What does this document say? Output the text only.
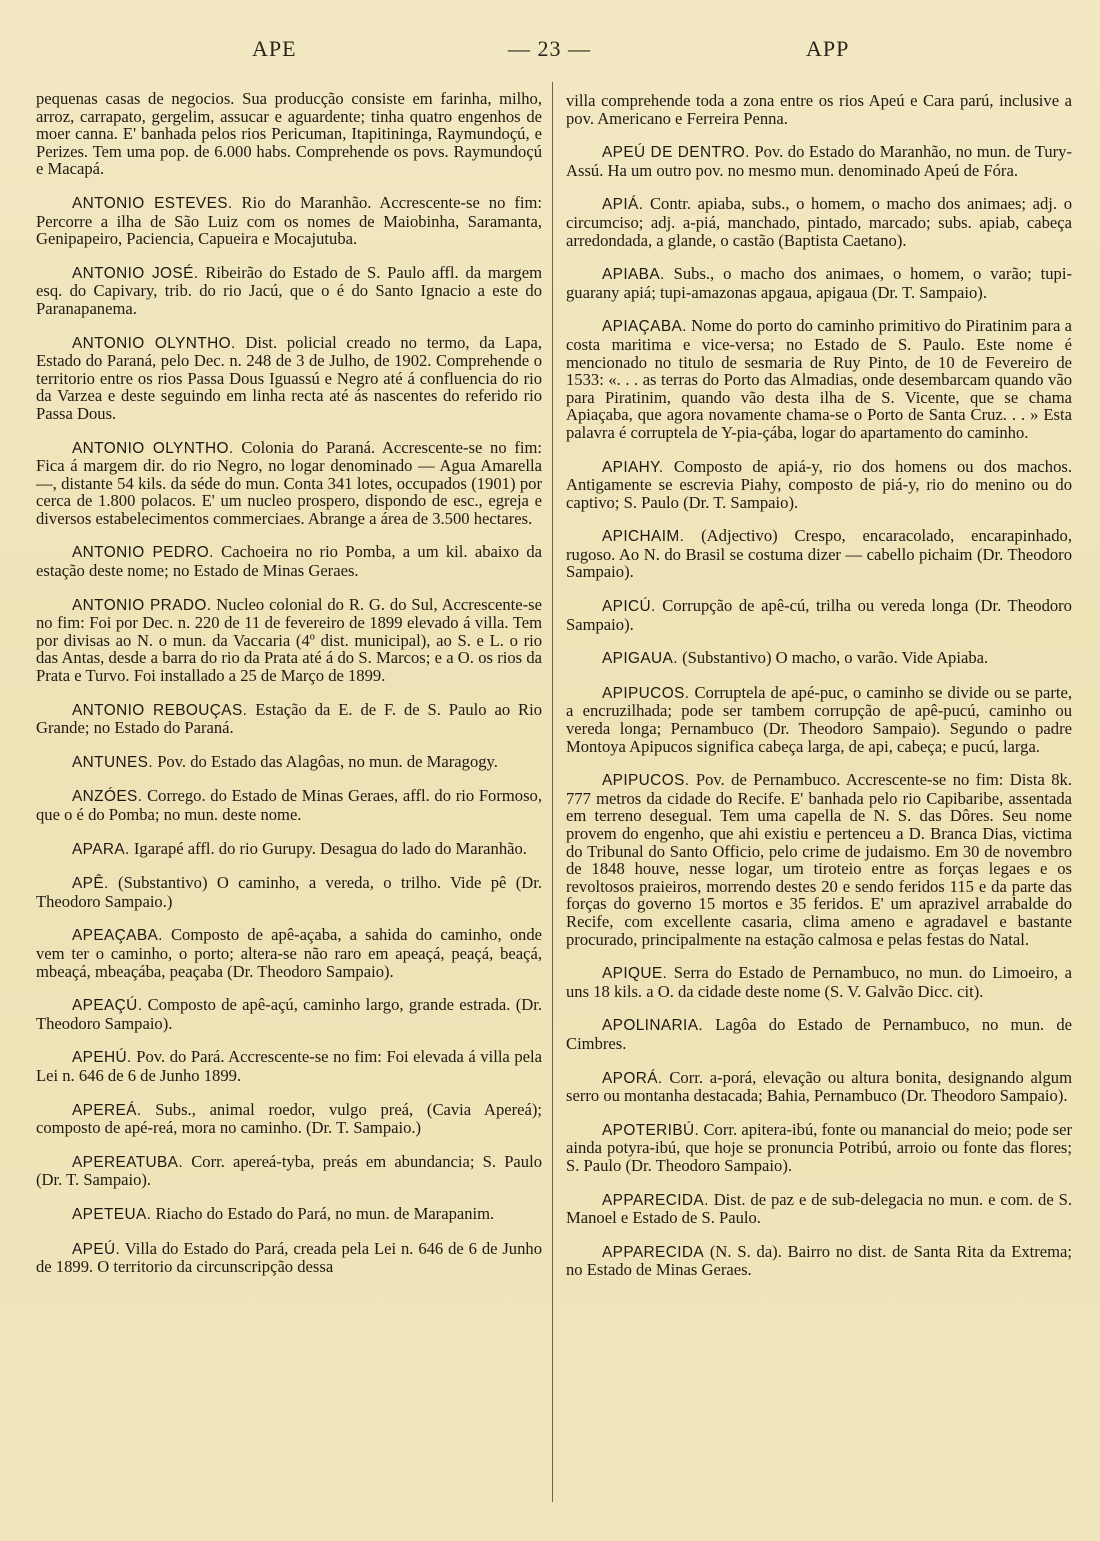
APE	— 23 —	APP

pequenas casas de negocios. Sua producção consiste em farinha, milho, arroz, carrapato, gergelim, assucar e aguardente; tinha quatro engenhos de moer canna. E' banhada pelos rios Pericuman, Itapitininga, Raymundoçú, e Perizes. Tem uma pop. de 6.000 habs. Comprehende os povs. Raymundoçú e Macapá.

ANTONIO ESTEVES. Rio do Maranhão. Accrescente-se no fim: Percorre a ilha de São Luiz com os nomes de Maiobinha, Saramanta, Genipapeiro, Paciencia, Capueira e Mocajutuba.

ANTONIO JOSÉ. Ribeirão do Estado de S. Paulo affl. da margem esq. do Capivary, trib. do rio Jacú, que o é do Santo Ignacio a este do Paranapanema.

ANTONIO OLYNTHO. Dist. policial creado no termo, da Lapa, Estado do Paraná, pelo Dec. n. 248 de 3 de Julho, de 1902. Comprehende o territorio entre os rios Passa Dous Iguassú e Negro até á confluencia do rio da Varzea e deste seguindo em linha recta até ás nascentes do referido rio Passa Dous.

ANTONIO OLYNTHO. Colonia do Paraná. Accrescente-se no fim: Fica á margem dir. do rio Negro, no logar denominado — Agua Amarella —, distante 54 kils. da séde do mun. Conta 341 lotes, occupados (1901) por cerca de 1.800 polacos. E' um nucleo prospero, dispondo de esc., egreja e diversos estabelecimentos commerciaes. Abrange a área de 3.500 hectares.

ANTONIO PEDRO. Cachoeira no rio Pomba, a um kil. abaixo da estação deste nome; no Estado de Minas Geraes.

ANTONIO PRADO. Nucleo colonial do R. G. do Sul, Accrescente-se no fim: Foi por Dec. n. 220 de 11 de fevereiro de 1899 elevado á villa. Tem por divisas ao N. o mun. da Vaccaria (4º dist. municipal), ao S. e L. o rio das Antas, desde a barra do rio da Prata até á do S. Marcos; e a O. os rios da Prata e Turvo. Foi installado a 25 de Março de 1899.

ANTONIO REBOUÇAS. Estação da E. de F. de S. Paulo ao Rio Grande; no Estado do Paraná.

ANTUNES. Pov. do Estado das Alagôas, no mun. de Maragogy.

ANZÓES. Corrego. do Estado de Minas Geraes, affl. do rio Formoso, que o é do Pomba; no mun. deste nome.

APARA. Igarapé affl. do rio Gurupy. Desagua do lado do Maranhão.

APÊ. (Substantivo) O caminho, a vereda, o trilho. Vide pê (Dr. Theodoro Sampaio.)

APEAÇABA. Composto de apê-açaba, a sahida do caminho, onde vem ter o caminho, o porto; altera-se não raro em apeaçá, peaçá, beaçá, mbeaçá, mbeaçába, peaçaba (Dr. Theodoro Sampaio).

APEAÇÚ. Composto de apê-açú, caminho largo, grande estrada. (Dr. Theodoro Sampaio).

APEHÚ. Pov. do Pará. Accrescente-se no fim: Foi elevada á villa pela Lei n. 646 de 6 de Junho 1899.

APEREÁ. Subs., animal roedor, vulgo preá, (Cavia Apereá); composto de apé-reá, mora no caminho. (Dr. T. Sampaio.)

APEREATUBA. Corr. apereá-tyba, preás em abundancia; S. Paulo (Dr. T. Sampaio).

APETEUA. Riacho do Estado do Pará, no mun. de Marapanim.

APEÚ. Villa do Estado do Pará, creada pela Lei n. 646 de 6 de Junho de 1899. O territorio da circunscripção dessa

villa comprehende toda a zona entre os rios Apeú e Cara parú, inclusive a pov. Americano e Ferreira Penna.

APEÚ DE DENTRO. Pov. do Estado do Maranhão, no mun. de Tury-Assú. Ha um outro pov. no mesmo mun. denominado Apeú de Fóra.

APIÁ. Contr. apiaba, subs., o homem, o macho dos animaes; adj. o circumciso; adj. a-piá, manchado, pintado, marcado; subs. apiab, cabeça arredondada, a glande, o castão (Baptista Caetano).

APIABA. Subs., o macho dos animaes, o homem, o varão; tupi-guarany apiá; tupi-amazonas apgaua, apigaua (Dr. T. Sampaio).

APIAÇABA. Nome do porto do caminho primitivo do Piratinim para a costa maritima e vice-versa; no Estado de S. Paulo. Este nome é mencionado no titulo de sesmaria de Ruy Pinto, de 10 de Fevereiro de 1533: «. . . as terras do Porto das Almadias, onde desembarcam quando vão para Piratinim, quando vão desta ilha de S. Vicente, que se chama Apiaçaba, que agora novamente chama-se o Porto de Santa Cruz. . . » Esta palavra é corruptela de Y-pia-çába, logar do apartamento do caminho.

APIAHY. Composto de apiá-y, rio dos homens ou dos machos. Antigamente se escrevia Piahy, composto de piá-y, rio do menino ou do captivo; S. Paulo (Dr. T. Sampaio).

APICHAIM. (Adjectivo) Crespo, encaracolado, encarapinhado, rugoso. Ao N. do Brasil se costuma dizer — cabello pichaim (Dr. Theodoro Sampaio).

APICÚ. Corrupção de apê-cú, trilha ou vereda longa (Dr. Theodoro Sampaio).

APIGAUA. (Substantivo) O macho, o varão. Vide Apiaba.

APIPUCOS. Corruptela de apé-puc, o caminho se divide ou se parte, a encruzilhada; pode ser tambem corrupção de apê-pucú, caminho ou vereda longa; Pernambuco (Dr. Theodoro Sampaio). Segundo o padre Montoya Apipucos significa cabeça larga, de api, cabeça; e pucú, larga.

APIPUCOS. Pov. de Pernambuco. Accrescente-se no fim: Dista 8k. 777 metros da cidade do Recife. E' banhada pelo rio Capibaribe, assentada em terreno desegual. Tem uma capella de N. S. das Dôres. Seu nome provem do engenho, que ahi existiu e pertenceu a D. Branca Dias, victima do Tribunal do Santo Officio, pelo crime de judaismo. Em 30 de novembro de 1848 houve, nesse logar, um tiroteio entre as forças legaes e os revoltosos praieiros, morrendo destes 20 e sendo feridos 115 e da parte das forças do governo 15 mortos e 35 feridos. E' um aprazivel arrabalde do Recife, com excellente casaria, clima ameno e agradavel e bastante procurado, principalmente na estação calmosa e pelas festas do Natal.

APIQUE. Serra do Estado de Pernambuco, no mun. do Limoeiro, a uns 18 kils. a O. da cidade deste nome (S. V. Galvão Dicc. cit).

APOLINARIA. Lagôa do Estado de Pernambuco, no mun. de Cimbres.

APORÁ. Corr. a-porá, elevação ou altura bonita, designando algum serro ou montanha destacada; Bahia, Pernambuco (Dr. Theodoro Sampaio).

APOTERIBÚ. Corr. apitera-ibú, fonte ou manancial do meio; pode ser ainda potyra-ibú, que hoje se pronuncia Potribú, arroio ou fonte das flores; S. Paulo (Dr. Theodoro Sampaio).

APPARECIDA. Dist. de paz e de sub-delegacia no mun. e com. de S. Manoel e Estado de S. Paulo.

APPARECIDA (N. S. da). Bairro no dist. de Santa Rita da Extrema; no Estado de Minas Geraes.
